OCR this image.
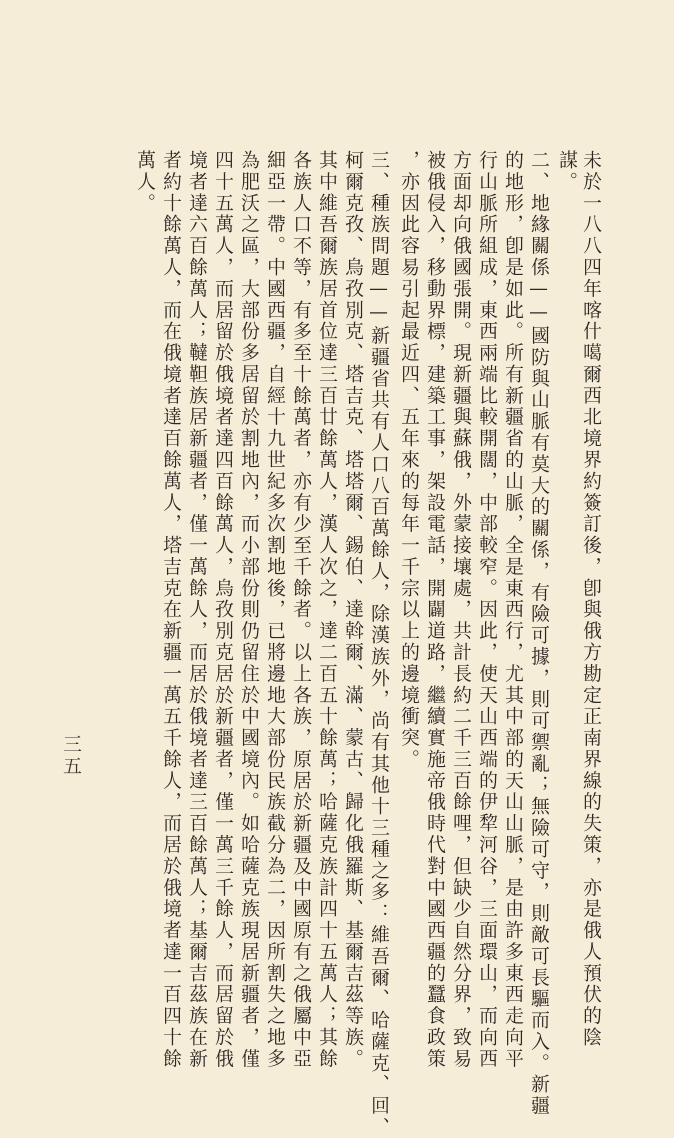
未於一八八四年喀什噶爾西北境界約簽訂後，卽與俄方勘定正南界線的失策，亦是俄人預伏的陰
謀。
二、地緣關係——國防與山脈有莫大的關係，有險可據，則可禦亂；無險可守，則敵可長驅而入。新疆
的地形，卽是如此。所有新疆省的山脈，全是東西行，尤其中部的天山山脈，是由許多東西走向平
行山脈所組成，東西兩端比較開闊，中部較窄。因此，使天山西端的伊犂河谷，三面環山，而向西
方面却向俄國張開。現新疆與蘇俄，外蒙接壤處，共計長約二千三百餘哩，但缺少自然分界，致易
被俄侵入，移動界標，建築工事，架設電話，開闢道路，繼續實施帝俄時代對中國西疆的蠶食政策
，亦因此容易引起最近四、五年來的每年一千宗以上的邊境衝突。
三、種族問題——新疆省共有人口八百萬餘人，除漢族外，尚有其他十三種之多：維吾爾、哈薩克、回、
柯爾克孜、烏孜別克、塔吉克、塔塔爾、錫伯、達斡爾、滿、蒙古、歸化俄羅斯、基爾吉茲等族。
其中維吾爾族居首位達三百廿餘萬人，漢人次之，達二百五十餘萬；哈薩克族計四十五萬人；其餘
各族人口不等，有多至十餘萬者，亦有少至千餘者。以上各族，原居於新疆及中國原有之俄屬中亞
細亞一帶。中國西疆，自經十九世紀多次割地後，已將邊地大部份民族截分為二，因所割失之地多
為肥沃之區，大部份多居留於割地內，而小部份則仍留住於中國境內。如哈薩克族現居新疆者，僅
四十五萬人，而居留於俄境者達四百餘萬人，烏孜別克居於新疆者，僅一萬三千餘人，而居留於俄
境者達六百餘萬人；韃靼族居新疆者，僅一萬餘人，而居於俄境者達三百餘萬人；基爾吉茲族在新
者約十餘萬人，而在俄境者達百餘萬人，塔吉克在新疆一萬五千餘人，而居於俄境者達一百四十餘
萬人。
三五
